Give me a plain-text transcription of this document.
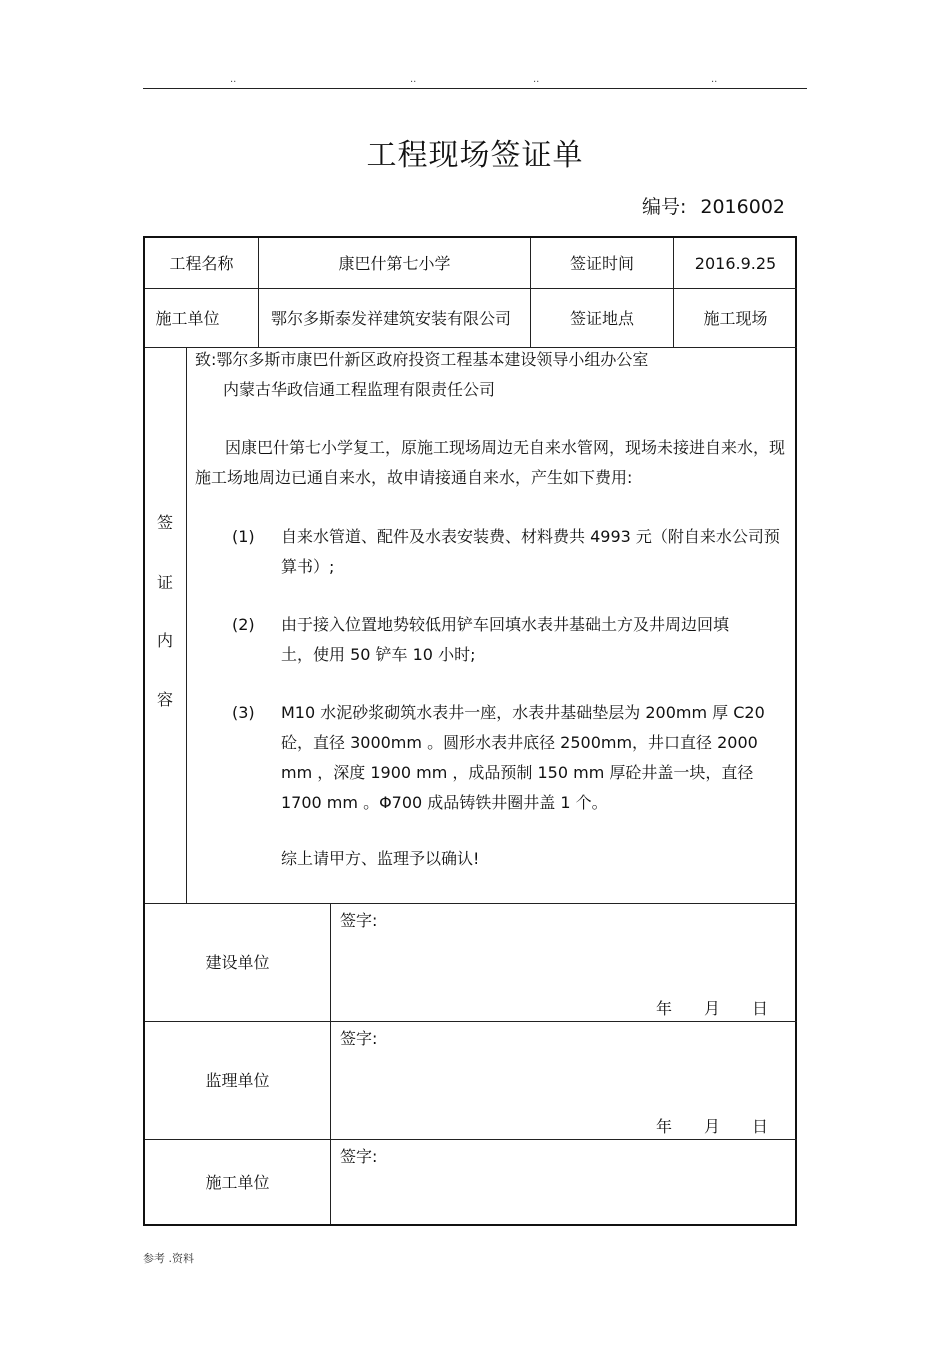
..	..	..	..
工程现场签证单
编号: 2016002
工程名称	康巴什第七小学	签证时间	2016.9.25
施工单位	鄂尔多斯泰发祥建筑安装有限公司	签证地点	施工现场
签
证
内
容
致:鄂尔多斯市康巴什新区政府投资工程基本建设领导小组办公室
内蒙古华政信通工程监理有限责任公司
因康巴什第七小学复工，原施工现场周边无自来水管网，现场未接进自来水，现施工场地周边已通自来水，故申请接通自来水，产生如下费用:
(1)	自来水管道、配件及水表安装费、材料费共 4993 元（附自来水公司预算书）;
(2)	由于接入位置地势较低用铲车回填水表井基础土方及井周边回填土，使用 50 铲车 10 小时;
(3)	M10 水泥砂浆砌筑水表井一座，水表井基础垫层为 200mm 厚 C20 砼，直径 3000mm 。圆形水表井底径 2500mm，井口直径 2000 mm ，深度 1900 mm ，成品预制 150 mm 厚砼井盖一块，直径 1700 mm 。Φ700 成品铸铁井圈井盖 1 个。
综上请甲方、监理予以确认!
建设单位
签字:
年 月 日
监理单位
签字:
年 月 日
施工单位
签字:
参考 .资料
